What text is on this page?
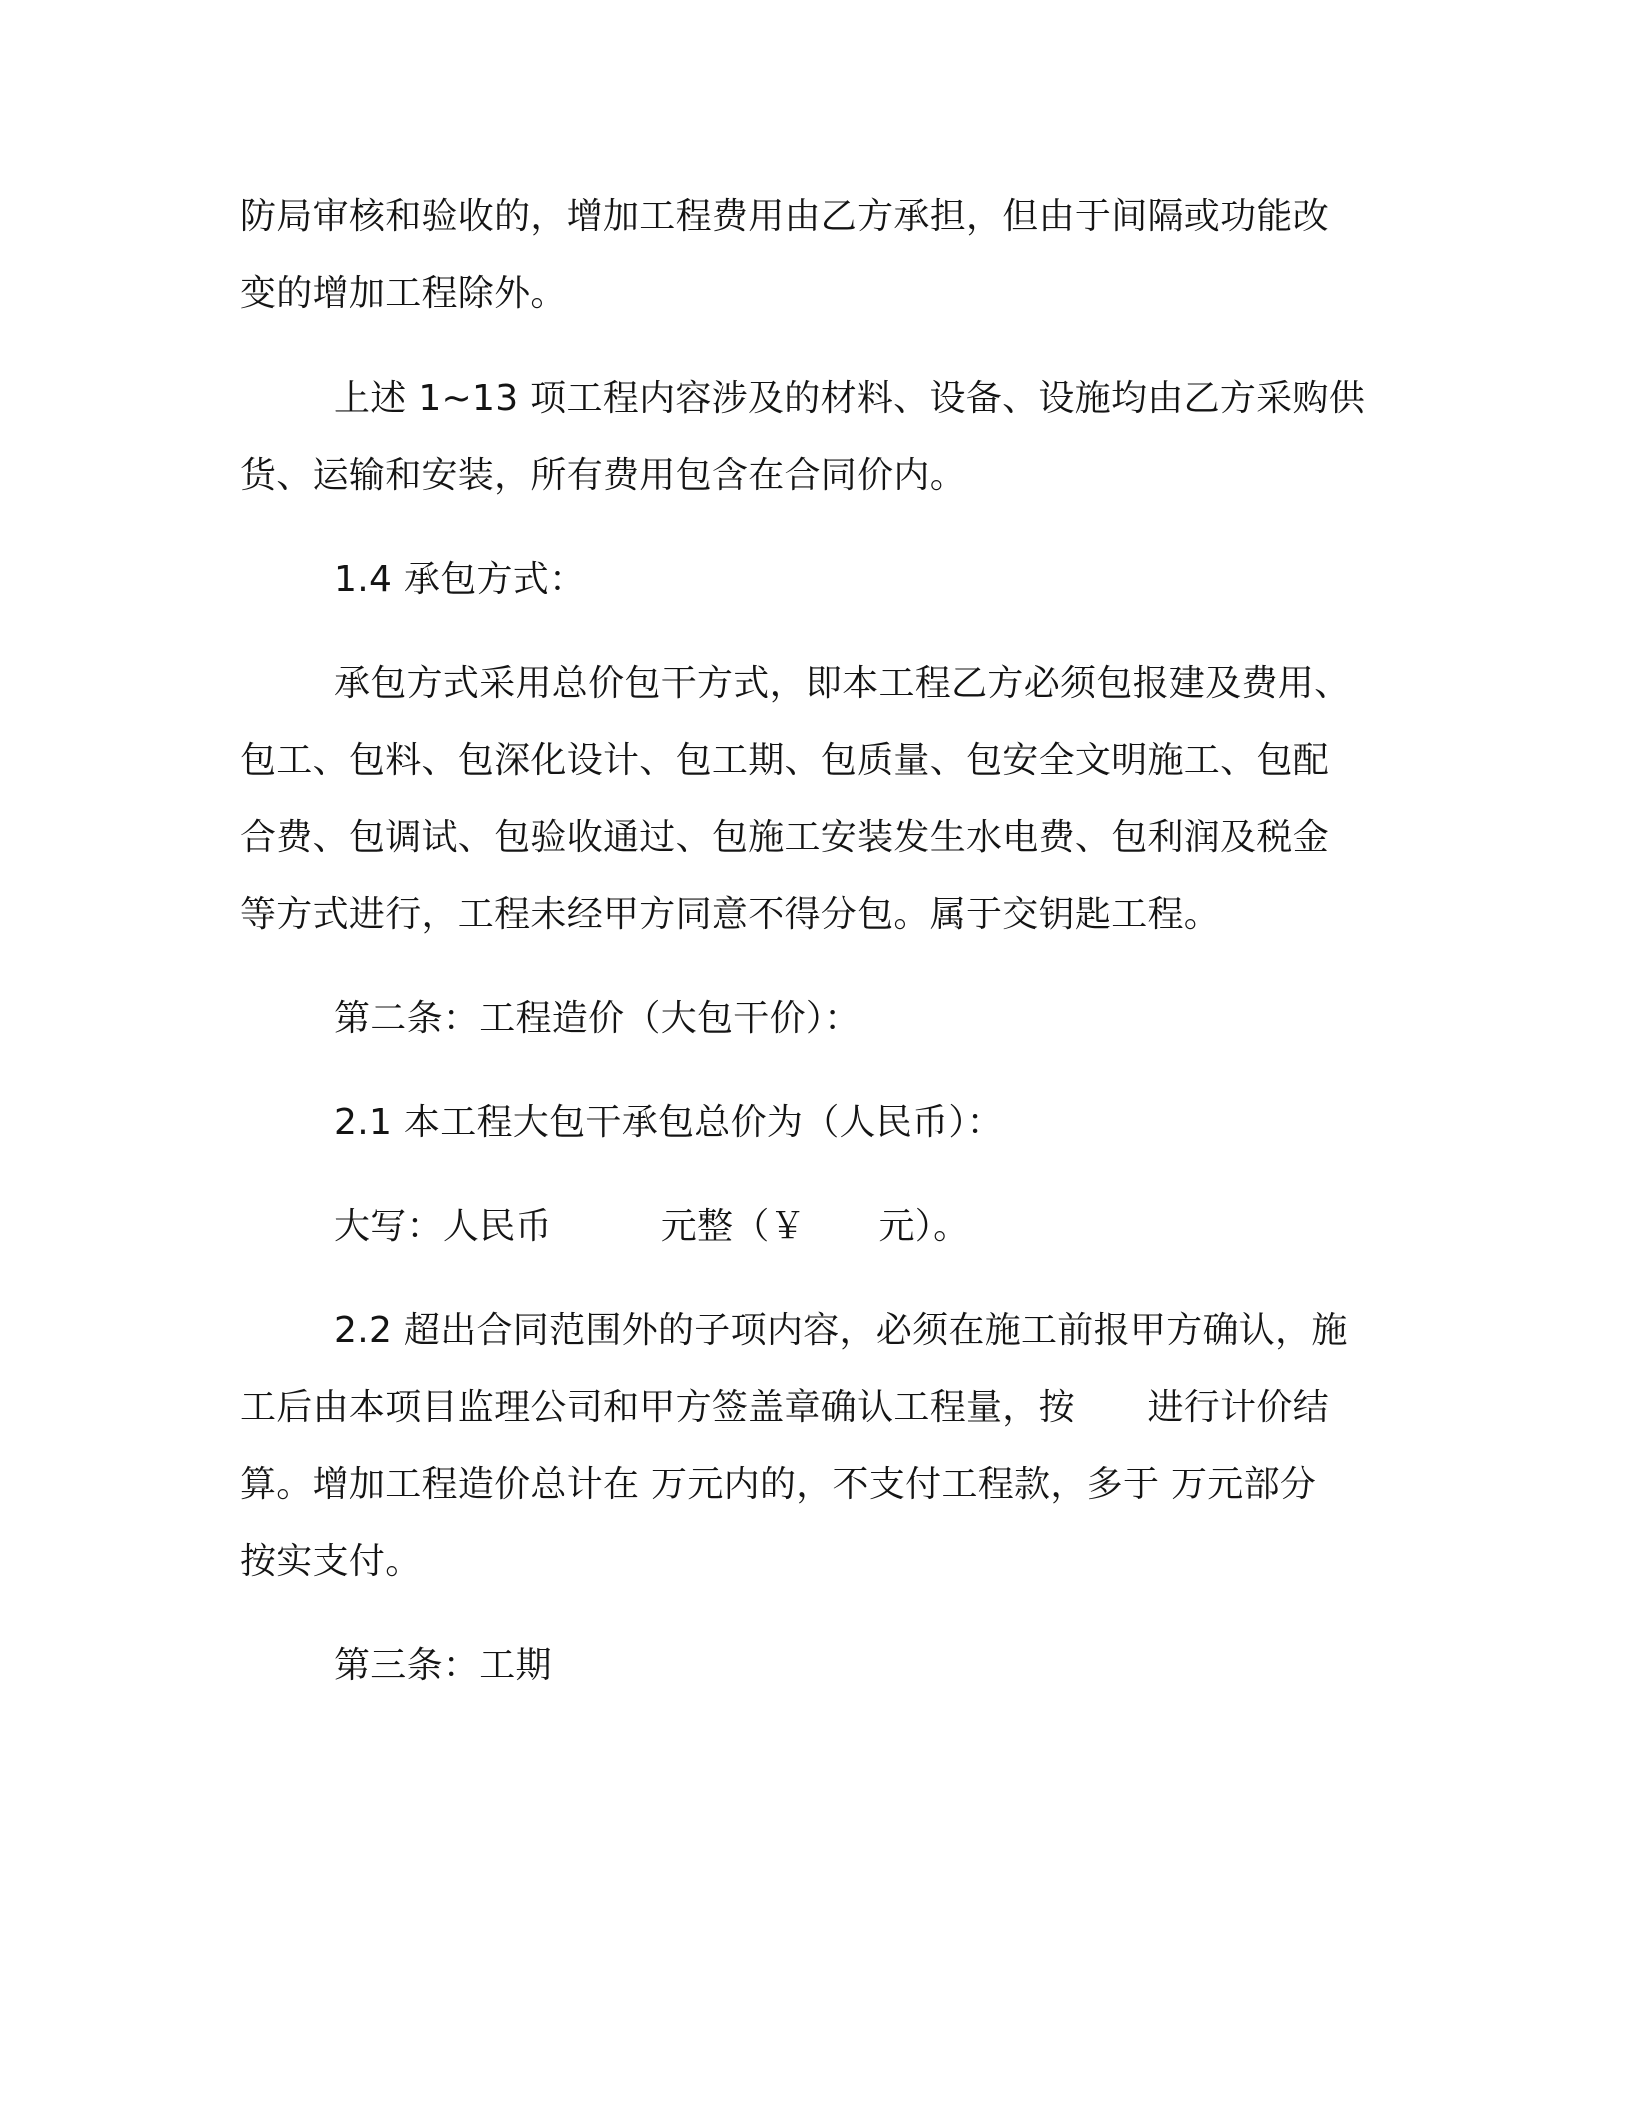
防局审核和验收的，增加工程费用由乙方承担，但由于间隔或功能改

变的增加工程除外。

上述 1~13 项工程内容涉及的材料、设备、设施均由乙方采购供

货、运输和安装，所有费用包含在合同价内。

1.4 承包方式：

承包方式采用总价包干方式，即本工程乙方必须包报建及费用、

包工、包料、包深化设计、包工期、包质量、包安全文明施工、包配

合费、包调试、包验收通过、包施工安装发生水电费、包利润及税金

等方式进行，工程未经甲方同意不得分包。属于交钥匙工程。

第二条：工程造价（大包干价）：

2.1 本工程大包干承包总价为（人民币）：

大写：人民币　　　元整（￥　　元）。

2.2 超出合同范围外的子项内容，必须在施工前报甲方确认，施

工后由本项目监理公司和甲方签盖章确认工程量，按　　进行计价结

算。增加工程造价总计在 万元内的，不支付工程款，多于 万元部分

按实支付。

第三条：工期
